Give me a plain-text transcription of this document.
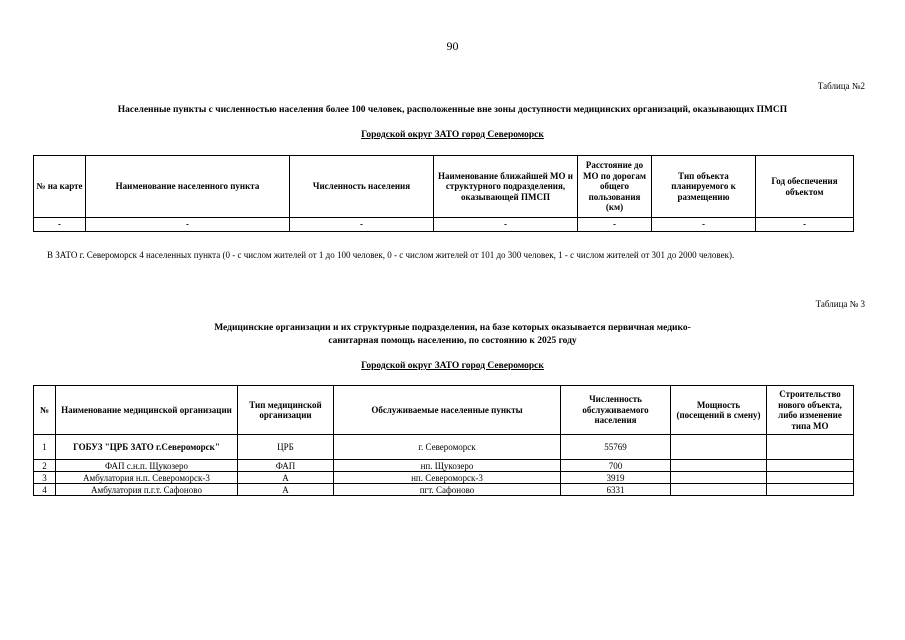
90
Таблица №2
Населенные пункты с численностью населения более 100 человек, расположенные вне зоны доступности медицинских организаций, оказывающих ПМСП
Городской округ ЗАТО город Североморск
№ на карте	Наименование населенного пункта	Численность населения	Наименование ближайшей МО и структурного подразделения, оказывающей ПМСП	Расстояние до МО по дорогам общего пользования (км)	Тип объекта планируемого к размещению	Год обеспечения объектом
-	-	-	-	-	-	-
В ЗАТО г. Североморск 4 населенных пункта (0 - с числом жителей от 1 до 100 человек, 0 - с числом жителей от 101 до 300 человек, 1 - с числом жителей от 301 до 2000 человек).
Таблица № 3
Медицинские организации и их структурные подразделения, на базе которых оказывается первичная медико-
санитарная помощь населению, по состоянию к 2025 году
Городской округ ЗАТО город Североморск
№	Наименование медицинской организации	Тип медицинской организации	Обслуживаемые населенные пункты	Численность обслуживаемого населения	Мощность (посещений в смену)	Строительство нового объекта, либо изменение типа МО
1	ГОБУЗ "ЦРБ ЗАТО г.Североморск"	ЦРБ	г. Североморск	55769		
2	ФАП с.н.п. Щукозеро	ФАП	нп. Щукозеро	700		
3	Амбулатория н.п. Североморск-3	А	нп. Североморск-3	3919		
4	Амбулатория п.г.т. Сафоново	А	пгт. Сафоново	6331		
